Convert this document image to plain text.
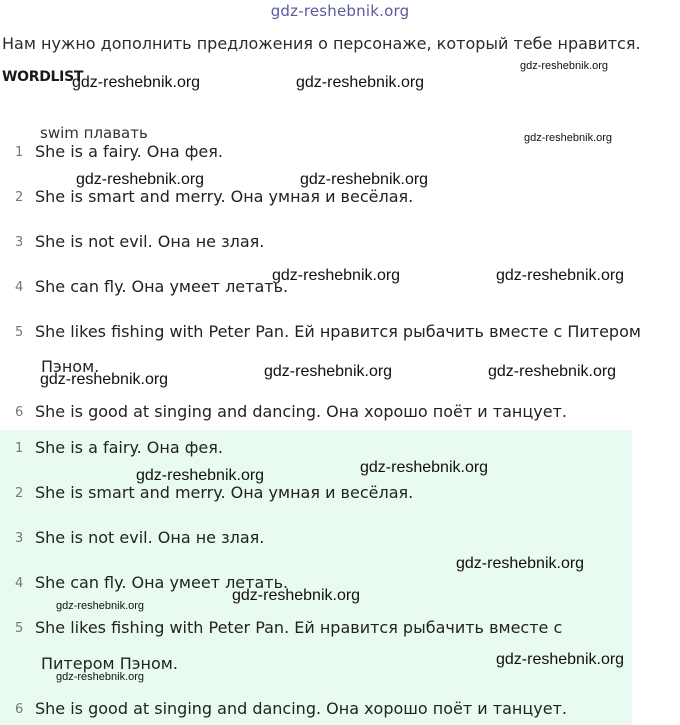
gdz-reshebnik.org
Нам нужно дополнить предложения о персонаже, который тебе нравится.
WORDLIST
swim плавать
1 She is a fairy. Она фея.
2 She is smart and merry. Она умная и весёлая.
3 She is not evil. Она не злая.
4 She can fly. Она умеет летать.
5 She likes fishing with Peter Pan. Ей нравится рыбачить вместе с Питером
Пэном.
6 She is good at singing and dancing. Она хорошо поёт и танцует.
1 She is a fairy. Она фея.
2 She is smart and merry. Она умная и весёлая.
3 She is not evil. Она не злая.
4 She can fly. Она умеет летать.
5 She likes fishing with Peter Pan. Ей нравится рыбачить вместе с
Питером Пэном.
6 She is good at singing and dancing. Она хорошо поёт и танцует.
gdz-reshebnik.org
gdz-reshebnik.org	gdz-reshebnik.org
gdz-reshebnik.org
gdz-reshebnik.org	gdz-reshebnik.org
gdz-reshebnik.org	gdz-reshebnik.org
gdz-reshebnik.org	gdz-reshebnik.org	gdz-reshebnik.org
gdz-reshebnik.org	gdz-reshebnik.org
gdz-reshebnik.org
gdz-reshebnik.org
gdz-reshebnik.org
gdz-reshebnik.org
gdz-reshebnik.org
